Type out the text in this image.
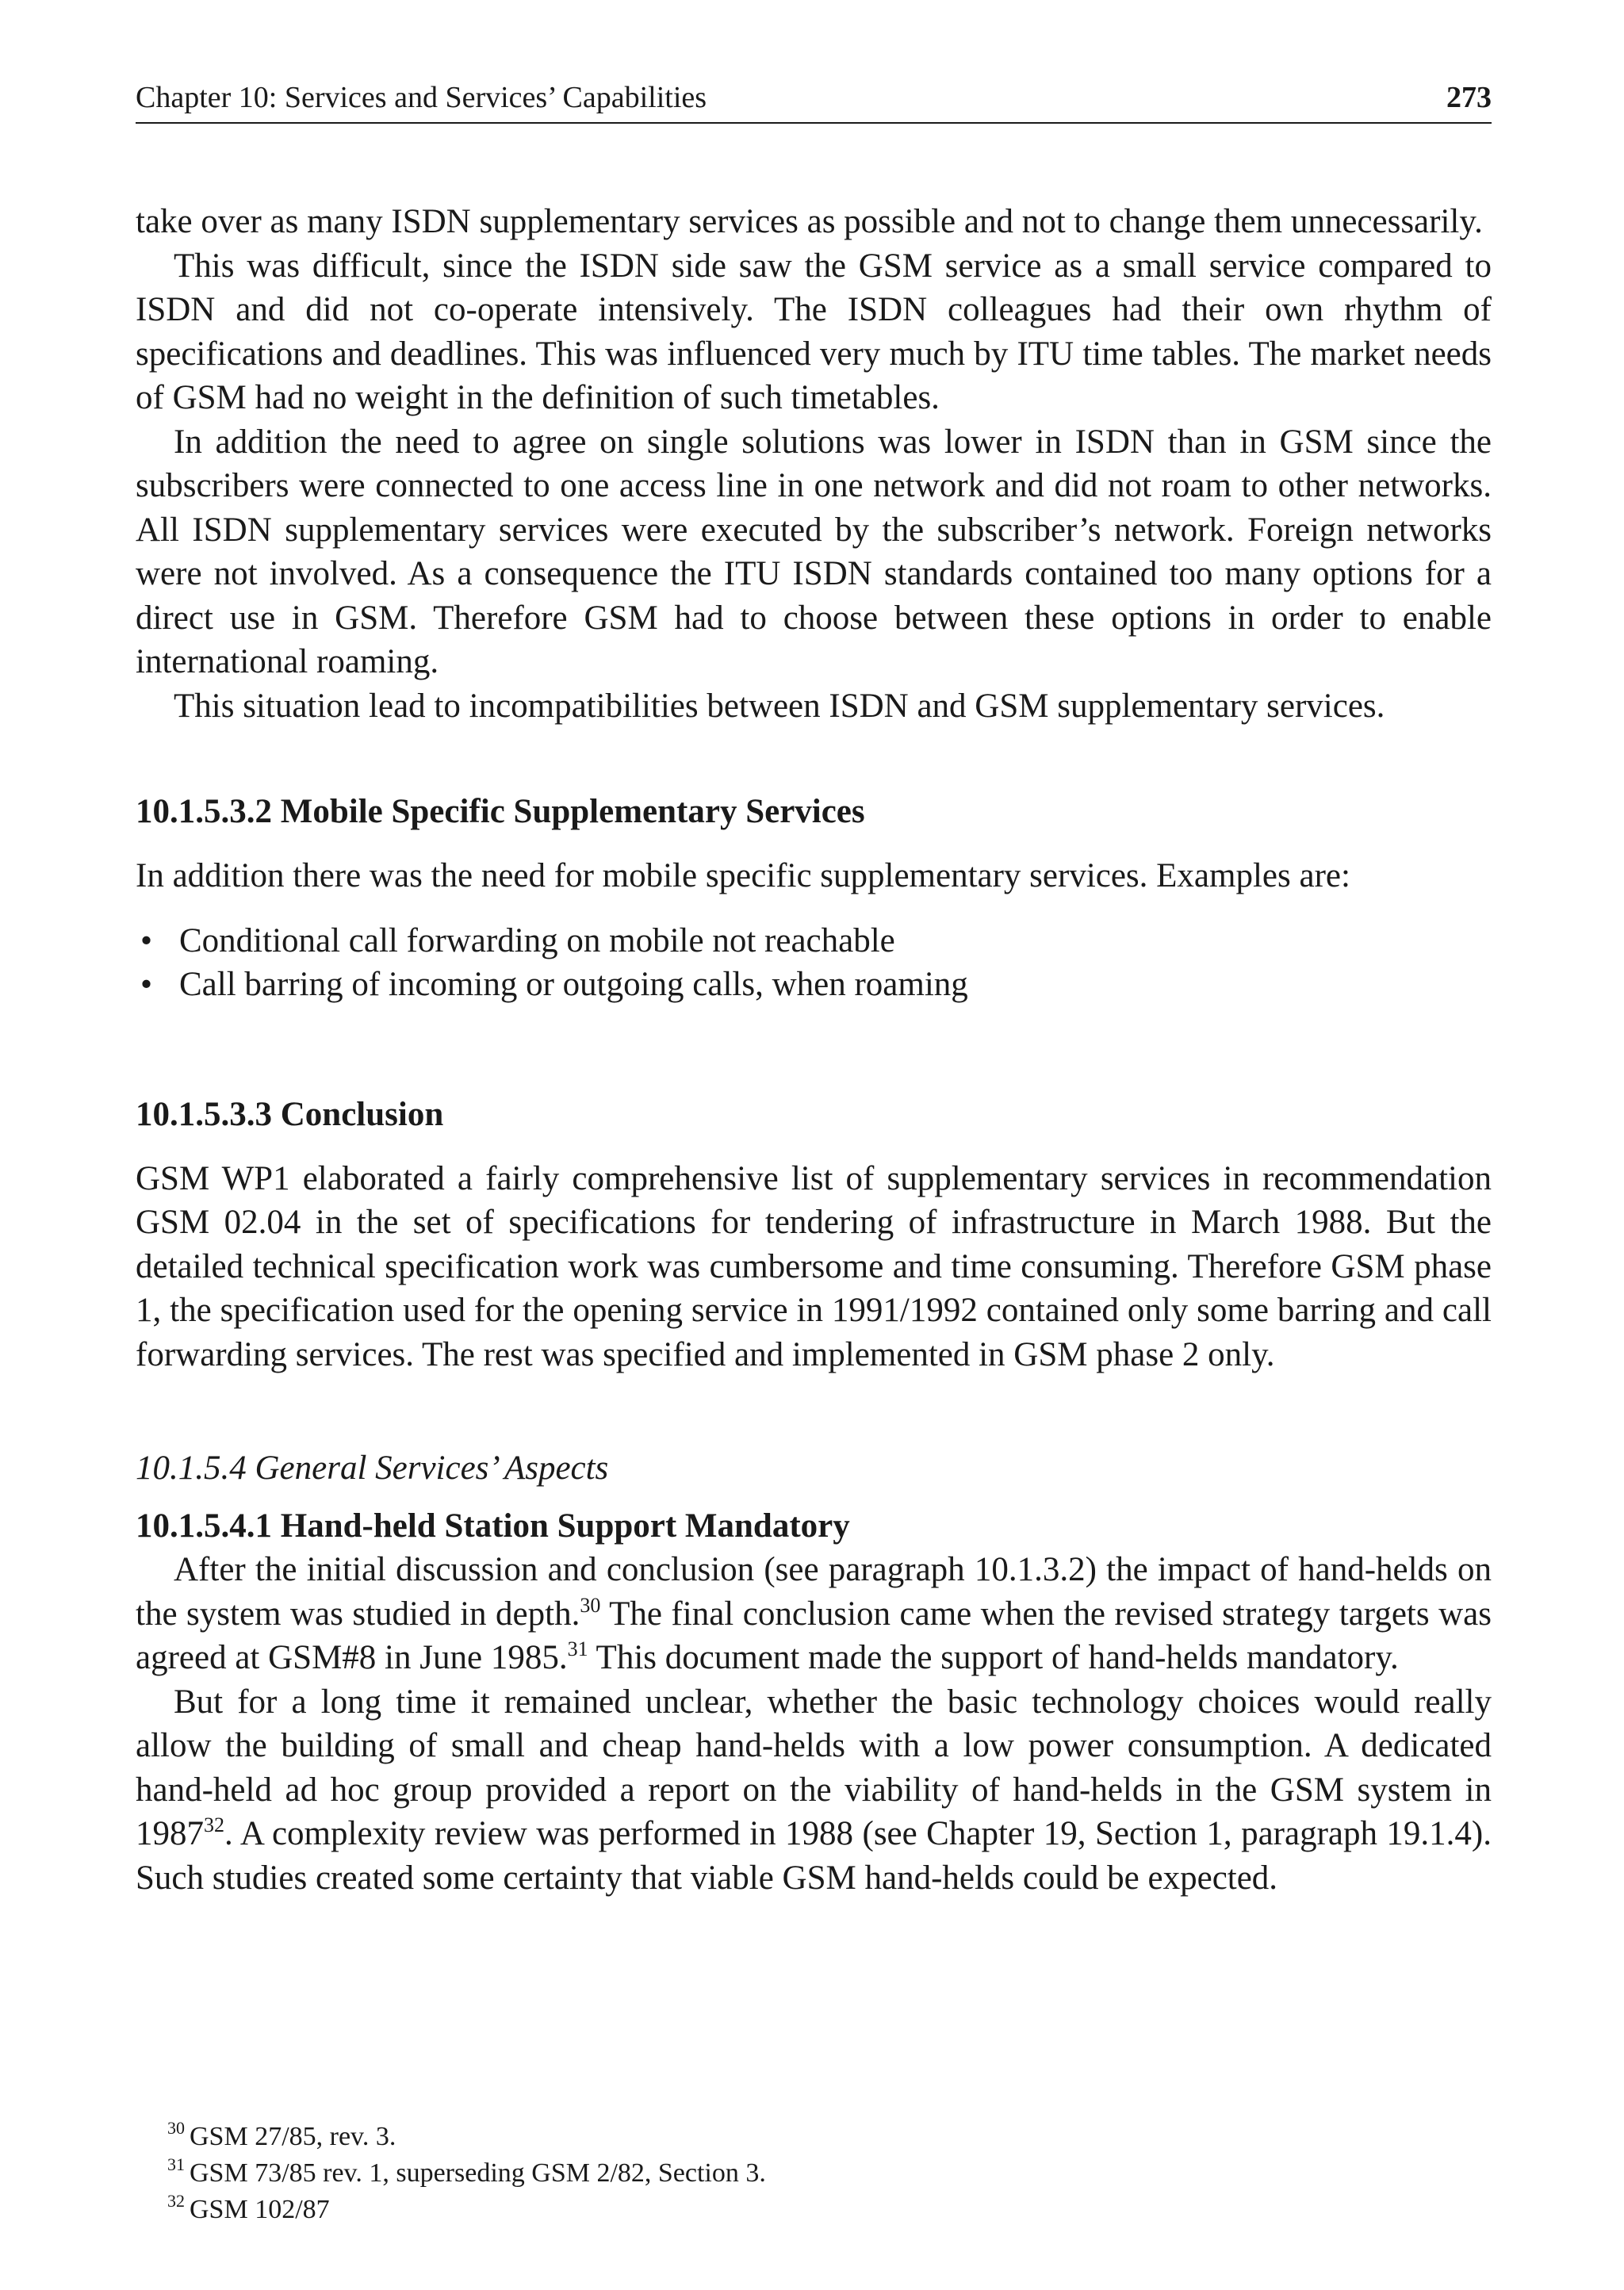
Chapter 10: Services and Services’ Capabilities	273

take over as many ISDN supplementary services as possible and not to change them unnecessarily.

This was difficult, since the ISDN side saw the GSM service as a small service compared to ISDN and did not co-operate intensively. The ISDN colleagues had their own rhythm of specifications and deadlines. This was influenced very much by ITU time tables. The market needs of GSM had no weight in the definition of such timetables.

In addition the need to agree on single solutions was lower in ISDN than in GSM since the subscribers were connected to one access line in one network and did not roam to other networks. All ISDN supplementary services were executed by the subscriber’s network. Foreign networks were not involved. As a consequence the ITU ISDN standards contained too many options for a direct use in GSM. Therefore GSM had to choose between these options in order to enable international roaming.

This situation lead to incompatibilities between ISDN and GSM supplementary services.

10.1.5.3.2 Mobile Specific Supplementary Services

In addition there was the need for mobile specific supplementary services. Examples are:

• Conditional call forwarding on mobile not reachable
• Call barring of incoming or outgoing calls, when roaming
10.1.5.3.3 Conclusion

GSM WP1 elaborated a fairly comprehensive list of supplementary services in recommendation GSM 02.04 in the set of specifications for tendering of infrastructure in March 1988. But the detailed technical specification work was cumbersome and time consuming. Therefore GSM phase 1, the specification used for the opening service in 1991/1992 contained only some barring and call forwarding services. The rest was specified and implemented in GSM phase 2 only.

10.1.5.4 General Services’ Aspects
10.1.5.4.1 Hand-held Station Support Mandatory

After the initial discussion and conclusion (see paragraph 10.1.3.2) the impact of hand-helds on the system was studied in depth.$^{30}$ The final conclusion came when the revised strategy targets was agreed at GSM#8 in June 1985.31 This document made the support of hand-helds mandatory.

But for a long time it remained unclear, whether the basic technology choices would really allow the building of small and cheap hand-helds with a low power consumption. A dedicated hand-held ad hoc group provided a report on the viability of hand-helds in the GSM system in 1987$^{32}$. A complexity review was performed in 1988 (see Chapter 19, Section 1, paragraph 19.1.4). Such studies created some certainty that viable GSM hand-helds could be expected.

$^{30}$ GSM 27/85, rev. 3.
$^{31}$ GSM 73/85 rev. 1, superseding GSM 2/82, Section 3.
$^{32}$ GSM 102/87
